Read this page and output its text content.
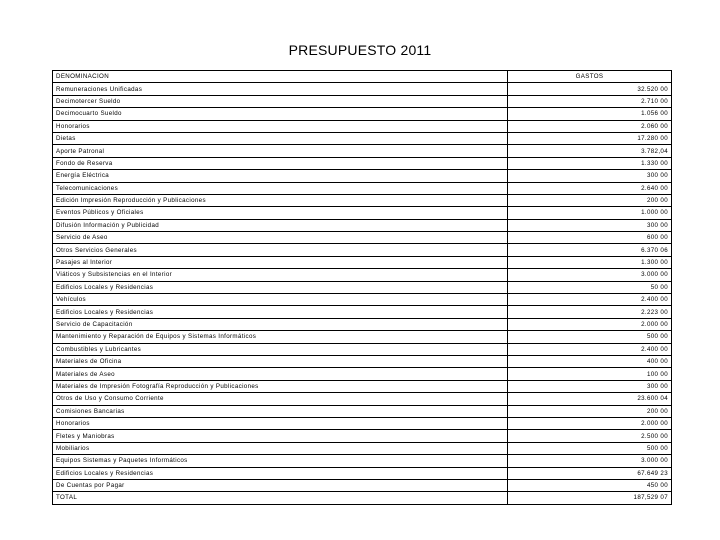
PRESUPUESTO 2011
DENOMINACION	GASTOS
Remuneraciones Unificadas	32.520 00
Decimotercer Sueldo	2.710 00
Decimocuarto Sueldo	1.056 00
Honorarios	2.060 00
Dietas	17.280 00
Aporte Patronal	3.782,04
Fondo de Reserva	1.330 00
Energía Eléctrica	300 00
Telecomunicaciones	2.640 00
Edición Impresión Reproducción y Publicaciones	200 00
Eventos Públicos y Oficiales	1.000 00
Difusión Información y Publicidad	300 00
Servicio de Aseo	600 00
Otros Servicios Generales	6.370 06
Pasajes al Interior	1.300 00
Viáticos y Subsistencias en el Interior	3.000 00
Edificios Locales y Residencias	50 00
Vehículos	2.400 00
Edificios Locales y Residencias	2.223 00
Servicio de Capacitación	2.000 00
Mantenimiento y Reparación de Equipos y Sistemas Informáticos	500 00
Combustibles y Lubricantes	2.400 00
Materiales de Oficina	400 00
Materiales de Aseo	100 00
Materiales de Impresión Fotografía Reproducción y Publicaciones	300 00
Otros de Uso y Consumo Corriente	23.600 04
Comisiones Bancarias	200 00
Honorarios	2.000 00
Fletes y Maniobras	2.500 00
Mobiliarios	500 00
Equipos Sistemas y Paquetes Informáticos	3.000 00
Edificios Locales y Residencias	67.649 23
De Cuentas por Pagar	450 00
TOTAL	187,529 07
